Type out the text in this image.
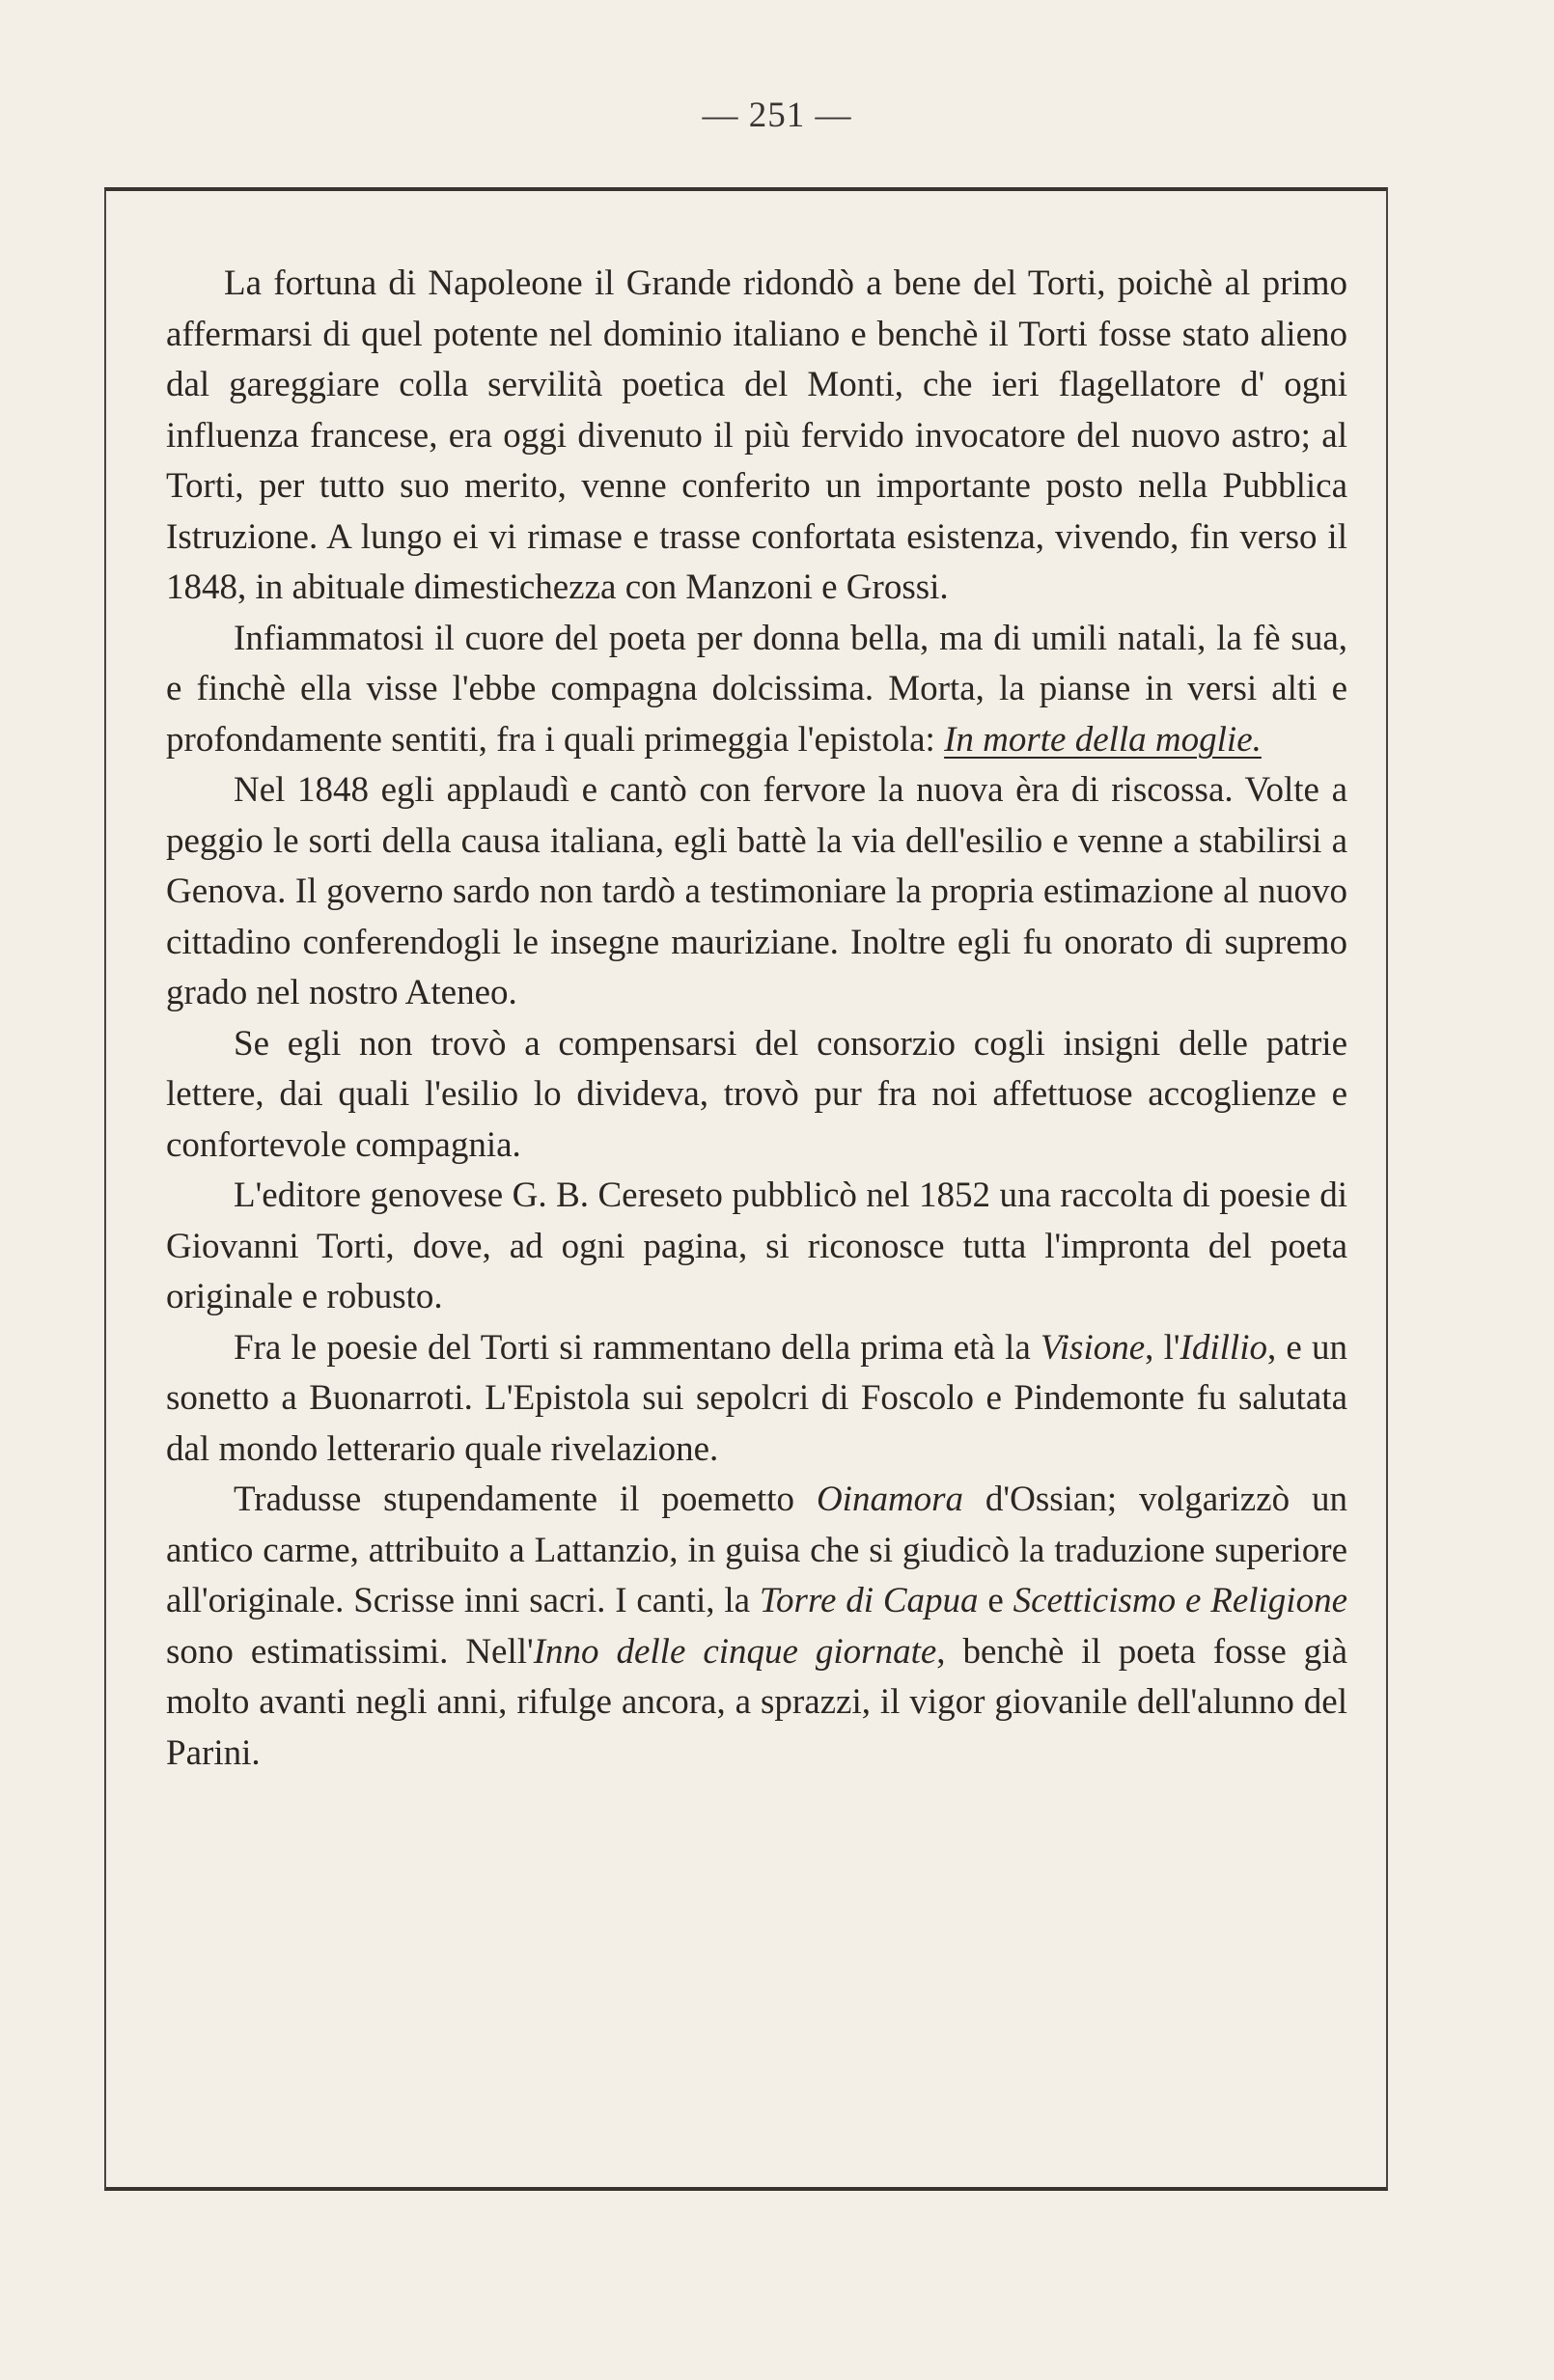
— 251 —

La fortuna di Napoleone il Grande ridondò a bene del Torti, poichè al primo affermarsi di quel potente nel dominio italiano e benchè il Torti fosse stato alieno dal gareggiare colla servilità poetica del Monti, che ieri flagellatore d' ogni influenza francese, era oggi divenuto il più fervido invocatore del nuovo astro; al Torti, per tutto suo merito, venne conferito un importante posto nella Pubblica Istruzione. A lungo ei vi rimase e trasse confortata esistenza, vivendo, fin verso il 1848, in abituale dimestichezza con Manzoni e Grossi.

Infiammatosi il cuore del poeta per donna bella, ma di umili natali, la fè sua, e finchè ella visse l'ebbe compagna dolcissima. Morta, la pianse in versi alti e profondamente sentiti, fra i quali primeggia l'epistola: In morte della moglie.

Nel 1848 egli applaudì e cantò con fervore la nuova èra di riscossa. Volte a peggio le sorti della causa italiana, egli battè la via dell'esilio e venne a stabilirsi a Genova. Il governo sardo non tardò a testimoniare la propria estimazione al nuovo cittadino conferendogli le insegne mauriziane. Inoltre egli fu onorato di supremo grado nel nostro Ateneo.

Se egli non trovò a compensarsi del consorzio cogli insigni delle patrie lettere, dai quali l'esilio lo divideva, trovò pur fra noi affettuose accoglienze e confortevole compagnia.

L'editore genovese G. B. Cereseto pubblicò nel 1852 una raccolta di poesie di Giovanni Torti, dove, ad ogni pagina, si riconosce tutta l'impronta del poeta originale e robusto.

Fra le poesie del Torti si rammentano della prima età la Visione, l'Idillio, e un sonetto a Buonarroti. L'Epistola sui sepolcri di Foscolo e Pindemonte fu salutata dal mondo letterario quale rivelazione.

Tradusse stupendamente il poemetto Oinamora d'Ossian; volgarizzò un antico carme, attribuito a Lattanzio, in guisa che si giudicò la traduzione superiore all'originale. Scrisse inni sacri. I canti, la Torre di Capua e Scetticismo e Religione sono estimatissimi. Nell'Inno delle cinque giornate, benchè il poeta fosse già molto avanti negli anni, rifulge ancora, a sprazzi, il vigor giovanile dell'alunno del Parini.
